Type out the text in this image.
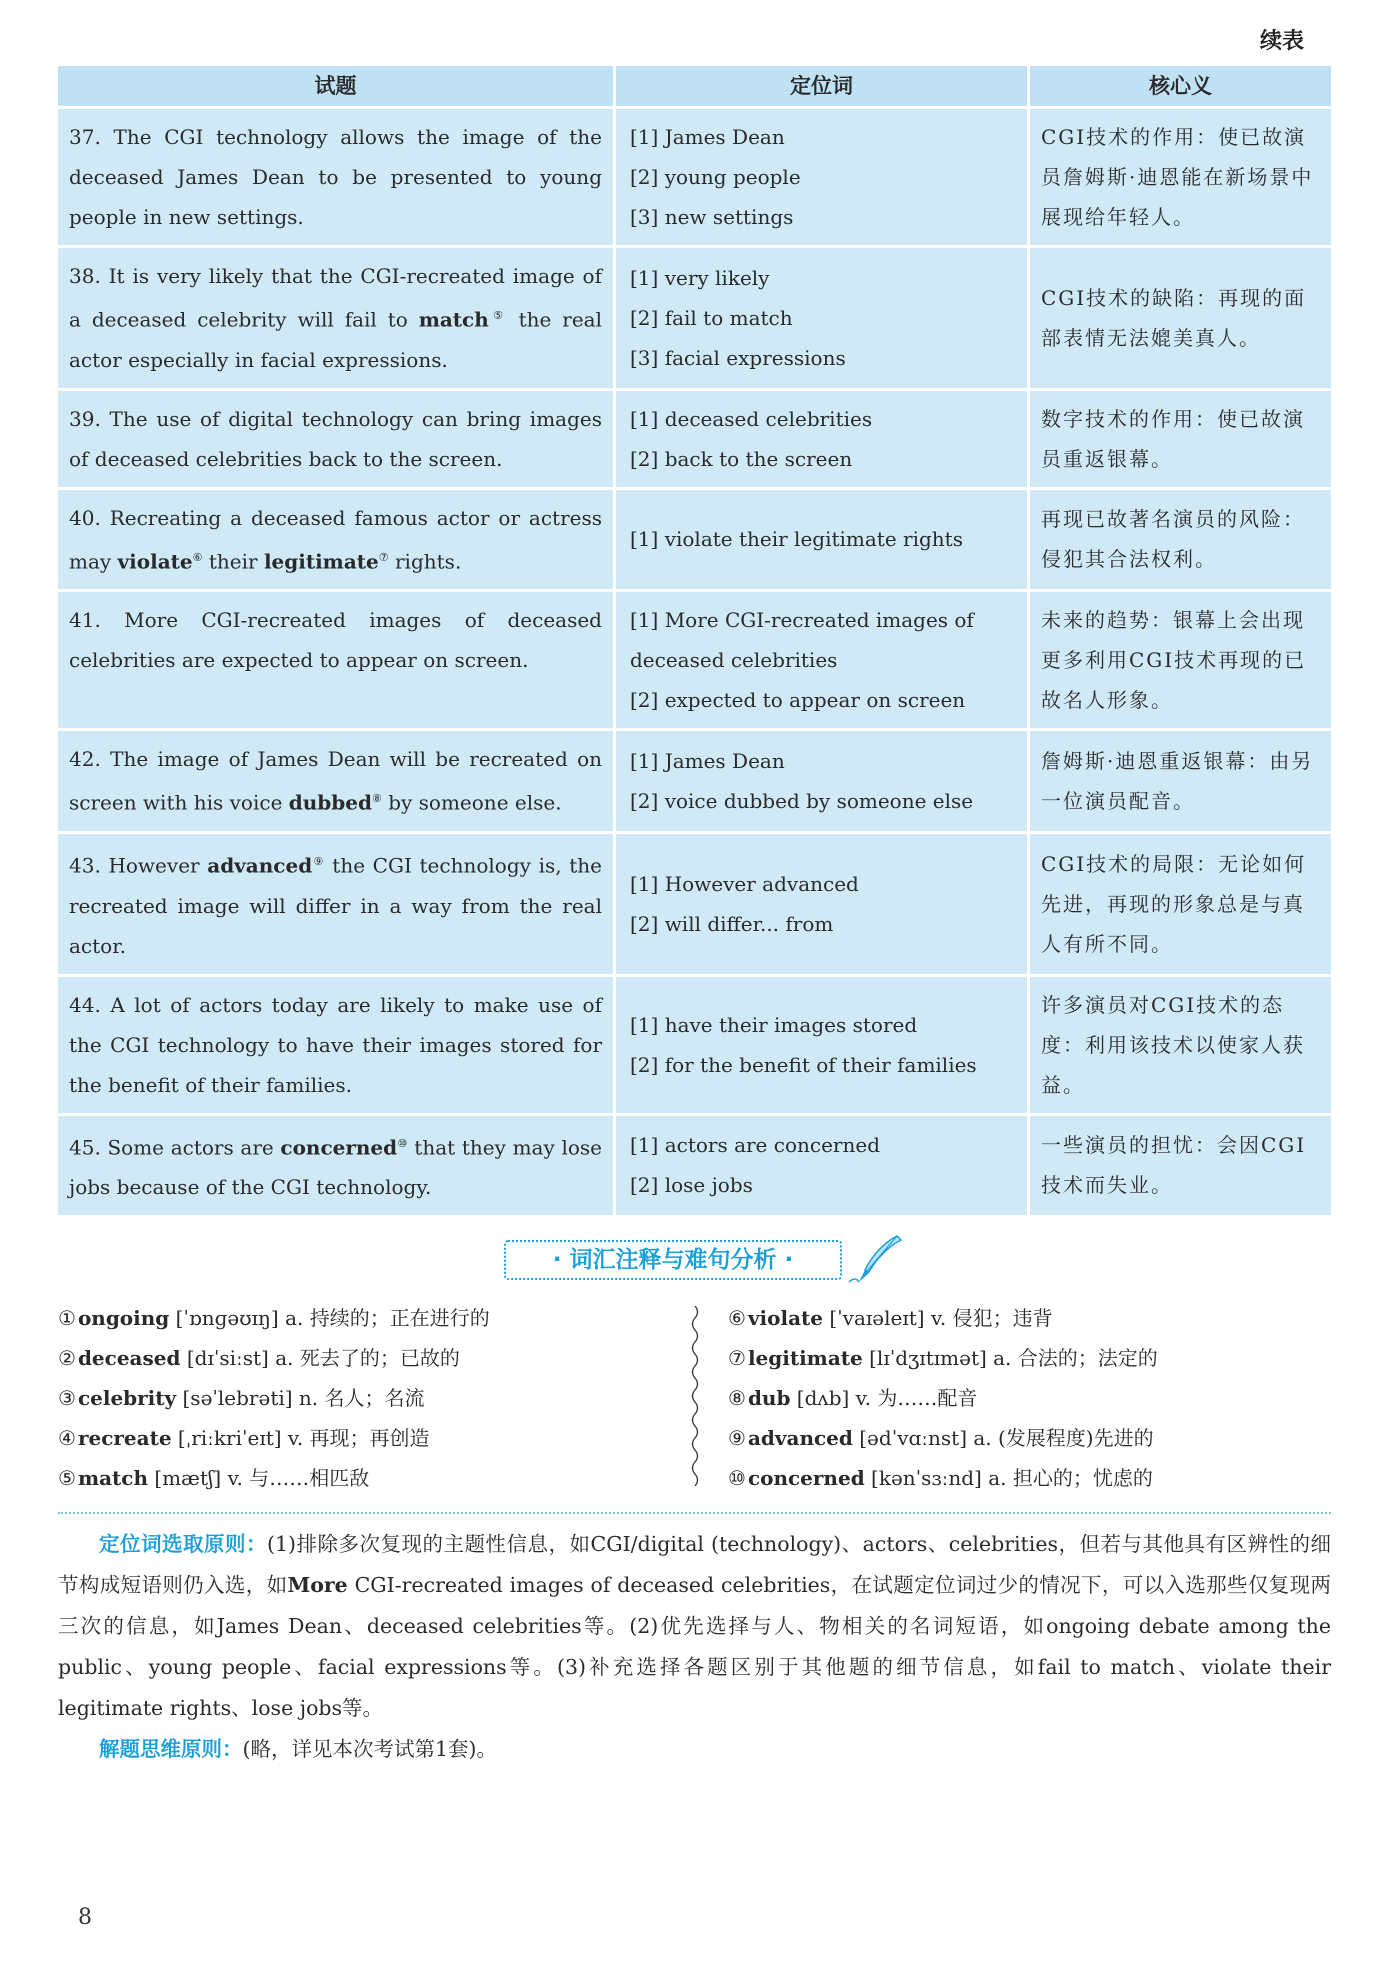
续表
试题	定位词	核心义
37. The CGI technology allows the image of the deceased James Dean to be presented to young people in new settings.
[1] James Dean
[2] young people
[3] new settings
CGI技术的作用：使已故演员詹姆斯·迪恩能在新场景中展现给年轻人。
38. It is very likely that the CGI-recreated image of a deceased celebrity will fail to match⑤ the real actor especially in facial expressions.
[1] very likely
[2] fail to match
[3] facial expressions
CGI技术的缺陷：再现的面部表情无法媲美真人。
39. The use of digital technology can bring images of deceased celebrities back to the screen.
[1] deceased celebrities
[2] back to the screen
数字技术的作用：使已故演员重返银幕。
40. Recreating a deceased famous actor or actress may violate⑥ their legitimate⑦ rights.
[1] violate their legitimate rights
再现已故著名演员的风险：侵犯其合法权利。
41. More CGI-recreated images of deceased celebrities are expected to appear on screen.
[1] More CGI-recreated images of deceased celebrities
[2] expected to appear on screen
未来的趋势：银幕上会出现更多利用CGI技术再现的已故名人形象。
42. The image of James Dean will be recreated on screen with his voice dubbed⑧ by someone else.
[1] James Dean
[2] voice dubbed by someone else
詹姆斯·迪恩重返银幕：由另一位演员配音。
43. However advanced⑨ the CGI technology is, the recreated image will differ in a way from the real actor.
[1] However advanced
[2] will differ... from
CGI技术的局限：无论如何先进，再现的形象总是与真人有所不同。
44. A lot of actors today are likely to make use of the CGI technology to have their images stored for the benefit of their families.
[1] have their images stored
[2] for the benefit of their families
许多演员对CGI技术的态度：利用该技术以使家人获益。
45. Some actors are concerned⑩ that they may lose jobs because of the CGI technology.
[1] actors are concerned
[2] lose jobs
一些演员的担忧：会因CGI技术而失业。
· 词汇注释与难句分析 ·
① ongoing [ˈɒnɡəʊɪŋ] a. 持续的；正在进行的
② deceased [dɪˈsiːst] a. 死去了的；已故的
③ celebrity [səˈlebrəti] n. 名人；名流
④ recreate [ˌriːkriˈeɪt] v. 再现；再创造
⑤ match [mætʃ] v. 与……相匹敌
⑥ violate [ˈvaɪəleɪt] v. 侵犯；违背
⑦ legitimate [lɪˈdʒɪtɪmət] a. 合法的；法定的
⑧ dub [dʌb] v. 为……配音
⑨ advanced [ədˈvɑːnst] a. (发展程度)先进的
⑩ concerned [kənˈsɜːnd] a. 担心的；忧虑的

定位词选取原则：(1)排除多次复现的主题性信息，如CGI/digital (technology)、actors、celebrities，但若与其他具有区辨性的细节构成短语则仍入选，如More CGI-recreated images of deceased celebrities，在试题定位词过少的情况下，可以入选那些仅复现两三次的信息，如James Dean、deceased celebrities等。(2)优先选择与人、物相关的名词短语，如ongoing debate among the public、young people、facial expressions等。(3)补充选择各题区别于其他题的细节信息，如fail to match、violate their legitimate rights、lose jobs等。

解题思维原则：(略，详见本次考试第1套)。

8
